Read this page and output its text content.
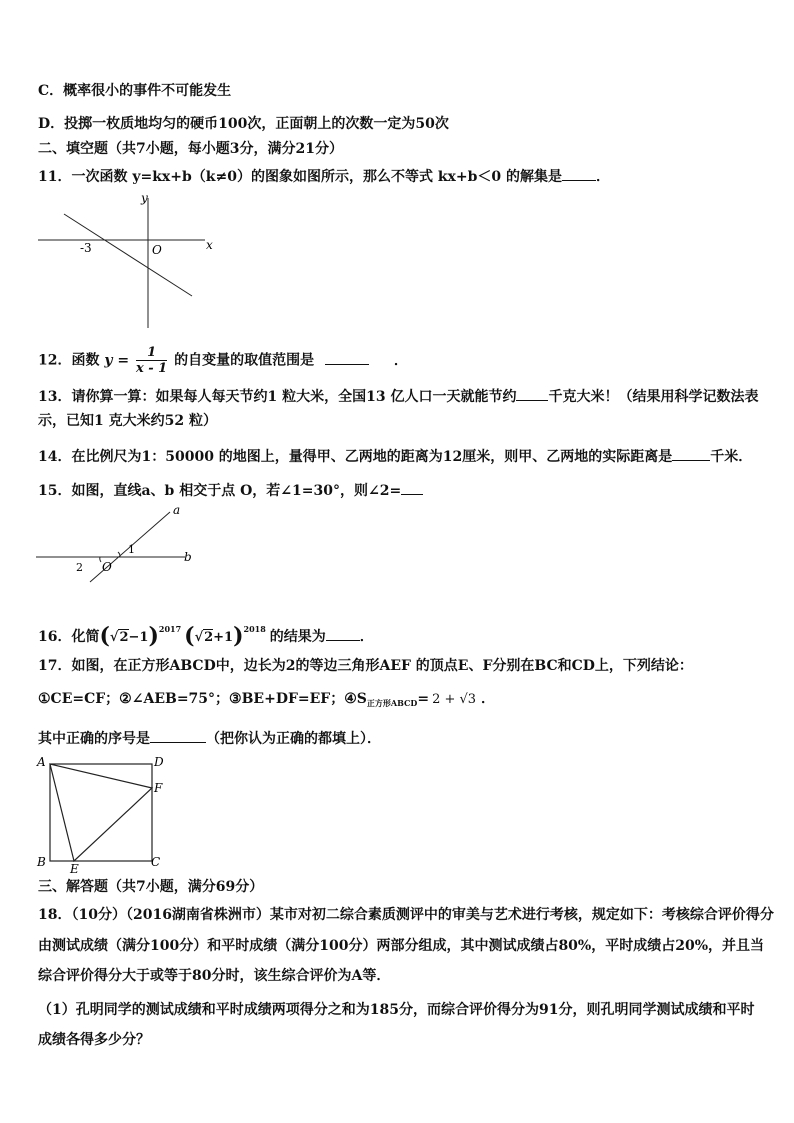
C．概率很小的事件不可能发生
D．投掷一枚质地均匀的硬币100次，正面朝上的次数一定为50次
二、填空题（共7小题，每小题3分，满分21分）
11．一次函数 y=kx+b（k≠0）的图象如图所示，那么不等式 kx+b＜0 的解集是 ．
y
x
O
-3
12．函数 $y = \frac{1}{x - 1}$ 的自变量的取值范围是	．
13．请你算一算：如果每人每天节约1 粒大米，全国13 亿人口一天就能节约 千克大米！（结果用科学记数法表
示，已知1 克大米约52 粒）
14．在比例尺为1：50000 的地图上，量得甲、乙两地的距离为12厘米，则甲、乙两地的实际距离是	千米．
15．如图，直线a、b 相交于点 O，若∠1=30°，则∠2=
a
b
1
2 O
16．化简$(√2-1)^{2017}$ $(√2+1)^{2018}$ 的结果为 ．
17．如图，在正方形ABCD中，边长为2的等边三角形AEF 的顶点E、F分别在BC和CD上，下列结论：
①CE=CF；②∠AEB=75°；③BE+DF=EF；$④S_{正方形ABCD}= 2 + √3$ ．
其中正确的序号是	（把你认为正确的都填上）．
A	D
F
B E	C
三、解答题（共7小题，满分69分）
18．（10分）（2016湖南省株洲市）某市对初二综合素质测评中的审美与艺术进行考核，规定如下：考核综合评价得分
由测试成绩（满分100分）和平时成绩（满分100分）两部分组成，其中测试成绩占80%，平时成绩占20%，并且当
综合评价得分大于或等于80分时，该生综合评价为A等．
（1）孔明同学的测试成绩和平时成绩两项得分之和为185分，而综合评价得分为91分，则孔明同学测试成绩和平时
成绩各得多少分？
